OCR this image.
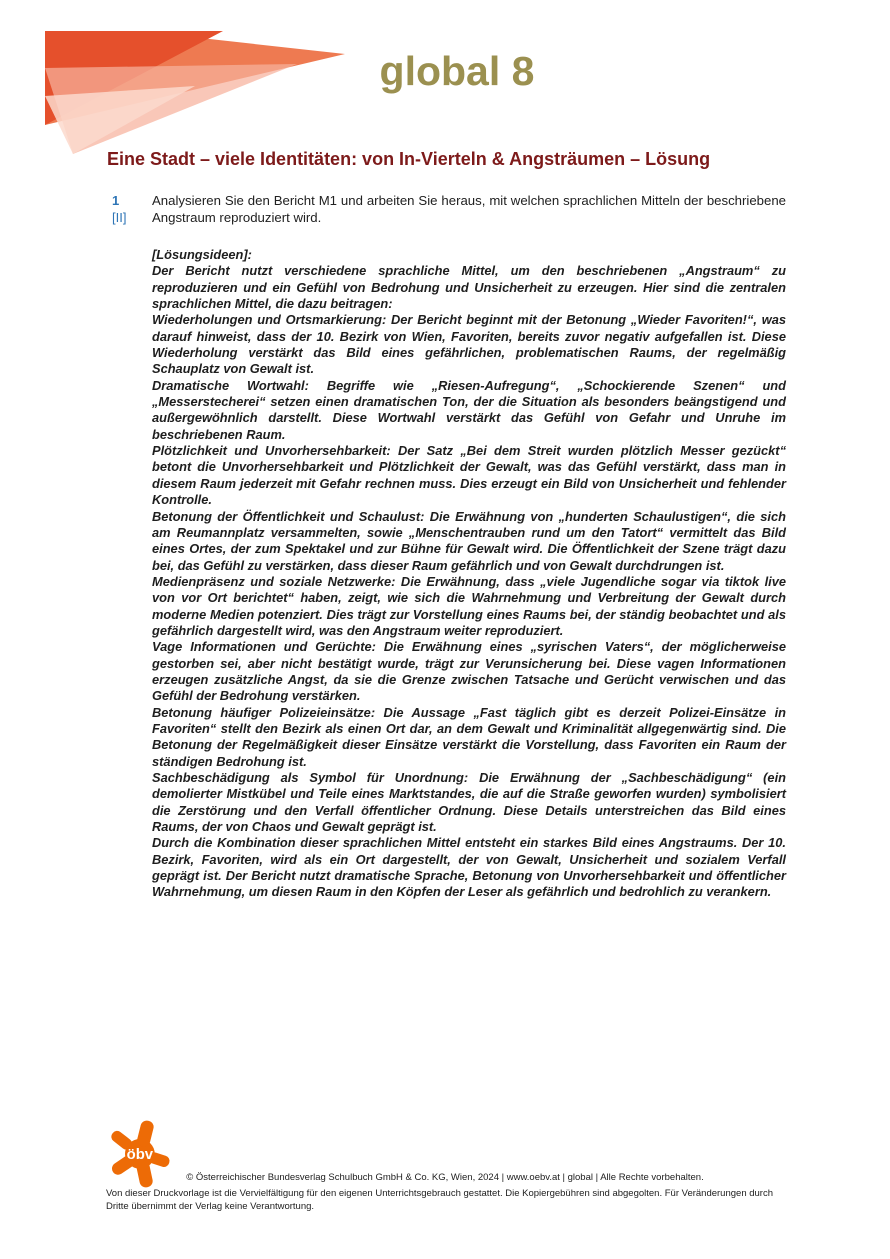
global 8
Eine Stadt – viele Identitäten: von In-Vierteln & Angsträumen – Lösung
1
[II]
Analysieren Sie den Bericht M1 und arbeiten Sie heraus, mit welchen sprachlichen Mitteln der beschriebene Angstraum reproduziert wird.

[Lösungsideen]:

Der Bericht nutzt verschiedene sprachliche Mittel, um den beschriebenen „Angstraum“ zu reproduzieren und ein Gefühl von Bedrohung und Unsicherheit zu erzeugen. Hier sind die zentralen sprachlichen Mittel, die dazu beitragen:

Wiederholungen und Ortsmarkierung: Der Bericht beginnt mit der Betonung „Wieder Favoriten!“, was darauf hinweist, dass der 10. Bezirk von Wien, Favoriten, bereits zuvor negativ aufgefallen ist. Diese Wiederholung verstärkt das Bild eines gefährlichen, problematischen Raums, der regelmäßig Schauplatz von Gewalt ist.

Dramatische Wortwahl: Begriffe wie „Riesen-Aufregung“, „Schockierende Szenen“ und „Messerstecherei“ setzen einen dramatischen Ton, der die Situation als besonders beängstigend und außergewöhnlich darstellt. Diese Wortwahl verstärkt das Gefühl von Gefahr und Unruhe im beschriebenen Raum.

Plötzlichkeit und Unvorhersehbarkeit: Der Satz „Bei dem Streit wurden plötzlich Messer gezückt“ betont die Unvorhersehbarkeit und Plötzlichkeit der Gewalt, was das Gefühl verstärkt, dass man in diesem Raum jederzeit mit Gefahr rechnen muss. Dies erzeugt ein Bild von Unsicherheit und fehlender Kontrolle.

Betonung der Öffentlichkeit und Schaulust: Die Erwähnung von „hunderten Schaulustigen“, die sich am Reumannplatz versammelten, sowie „Menschentrauben rund um den Tatort“ vermittelt das Bild eines Ortes, der zum Spektakel und zur Bühne für Gewalt wird. Die Öffentlichkeit der Szene trägt dazu bei, das Gefühl zu verstärken, dass dieser Raum gefährlich und von Gewalt durchdrungen ist.

Medienpräsenz und soziale Netzwerke: Die Erwähnung, dass „viele Jugendliche sogar via tiktok live von vor Ort berichtet“ haben, zeigt, wie sich die Wahrnehmung und Verbreitung der Gewalt durch moderne Medien potenziert. Dies trägt zur Vorstellung eines Raums bei, der ständig beobachtet und als gefährlich dargestellt wird, was den Angstraum weiter reproduziert.

Vage Informationen und Gerüchte: Die Erwähnung eines „syrischen Vaters“, der möglicherweise gestorben sei, aber nicht bestätigt wurde, trägt zur Verunsicherung bei. Diese vagen Informationen erzeugen zusätzliche Angst, da sie die Grenze zwischen Tatsache und Gerücht verwischen und das Gefühl der Bedrohung verstärken.

Betonung häufiger Polizeieinsätze: Die Aussage „Fast täglich gibt es derzeit Polizei-Einsätze in Favoriten“ stellt den Bezirk als einen Ort dar, an dem Gewalt und Kriminalität allgegenwärtig sind. Die Betonung der Regelmäßigkeit dieser Einsätze verstärkt die Vorstellung, dass Favoriten ein Raum der ständigen Bedrohung ist.

Sachbeschädigung als Symbol für Unordnung: Die Erwähnung der „Sachbeschädigung“ (ein demolierter Mistkübel und Teile eines Marktstandes, die auf die Straße geworfen wurden) symbolisiert die Zerstörung und den Verfall öffentlicher Ordnung. Diese Details unterstreichen das Bild eines Raums, der von Chaos und Gewalt geprägt ist.

Durch die Kombination dieser sprachlichen Mittel entsteht ein starkes Bild eines Angstraums. Der 10. Bezirk, Favoriten, wird als ein Ort dargestellt, der von Gewalt, Unsicherheit und sozialem Verfall geprägt ist. Der Bericht nutzt dramatische Sprache, Betonung von Unvorhersehbarkeit und öffentlicher Wahrnehmung, um diesen Raum in den Köpfen der Leser als gefährlich und bedrohlich zu verankern.

öbv
© Österreichischer Bundesverlag Schulbuch GmbH & Co. KG, Wien, 2024 | www.oebv.at | global | Alle Rechte vorbehalten.
Von dieser Druckvorlage ist die Vervielfältigung für den eigenen Unterrichtsgebrauch gestattet. Die Kopiergebühren sind abgegolten. Für Veränderungen durch Dritte übernimmt der Verlag keine Verantwortung.
